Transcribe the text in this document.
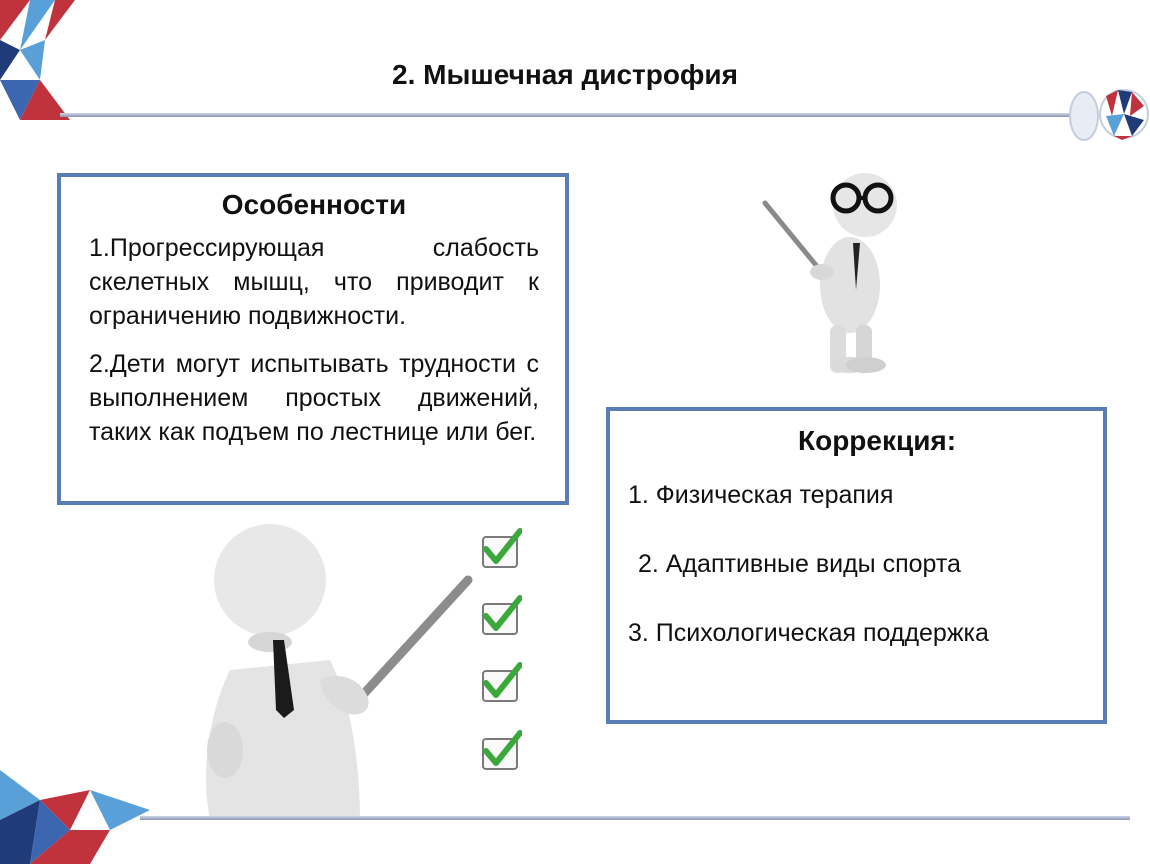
2. Мышечная дистрофия
Особенности

1.Прогрессирующая слабость скелетных мышц, что приводит к ограничению подвижности.

2.Дети могут испытывать трудности с выполнением простых движений, таких как подъем по лестнице или бег.	Коррекция:
1. Физическая терапия
2. Адаптивные виды спорта
3. Психологическая поддержка
